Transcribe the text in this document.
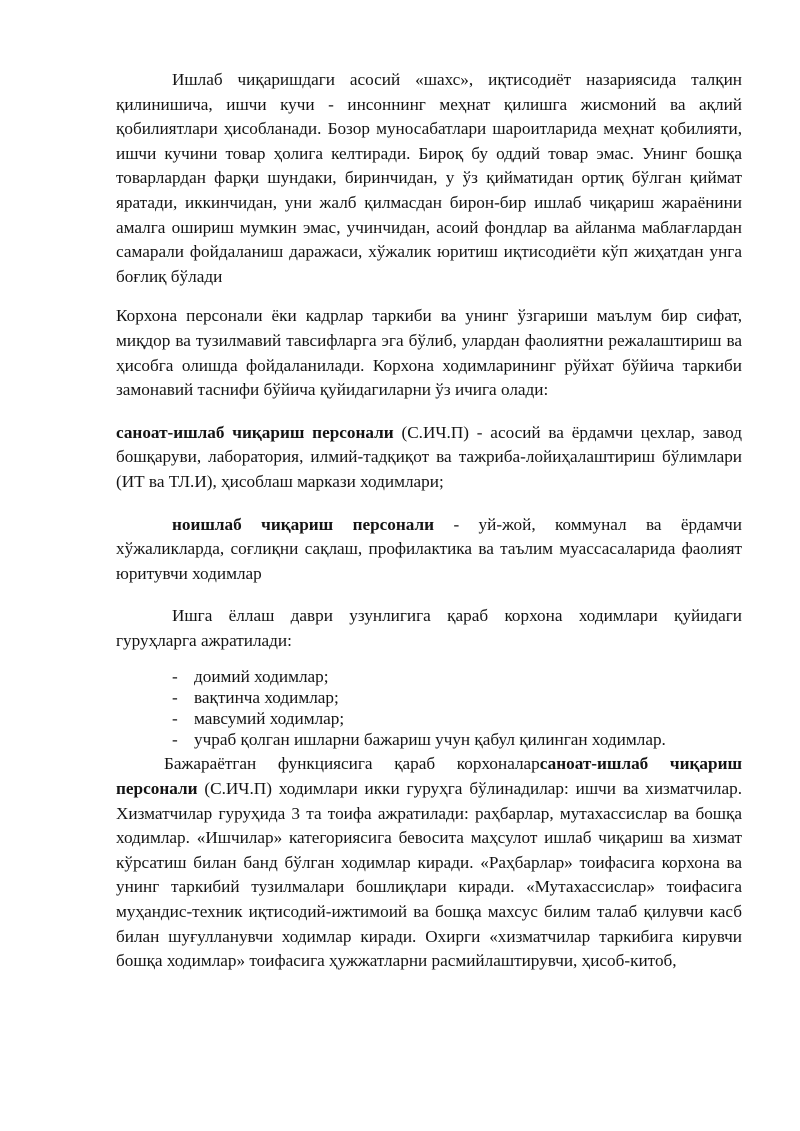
Ишлаб чиқаришдаги асосий «шахс», иқтисодиёт назариясида талқин қилинишича, ишчи кучи - инсоннинг меҳнат қилишга жисмоний ва ақлий қобилиятлари ҳисобланади. Бозор муносабатлари шароитларида меҳнат қобилияти, ишчи кучини товар ҳолига келтиради. Бироқ бу оддий товар эмас. Унинг бошқа товарлардан фарқи шундаки, биринчидан, у ўз қийматидан ортиқ бўлган қиймат яратади, иккинчидан, уни жалб қилмасдан бирон-бир ишлаб чиқариш жараёнини амалга ошириш мумкин эмас, учинчидан, асоий фондлар ва айланма маблағлардан самарали фойдаланиш даражаси, хўжалик юритиш иқтисодиёти кўп жиҳатдан унга боғлиқ бўлади

Корхона персонали ёки кадрлар таркиби ва унинг ўзгариши маълум бир сифат, миқдор ва тузилмавий тавсифларга эга бўлиб, улардан фаолиятни режалаштириш ва ҳисобга олишда фойдаланилади. Корхона ходимларининг рўйхат бўйича таркиби замонавий таснифи бўйича қуйидагиларни ўз ичига олади:

саноат-ишлаб чиқариш персонали (С.ИЧ.П) - асосий ва ёрдамчи цехлар, завод бошқаруви, лаборатория, илмий-тадқиқот ва тажриба-лойиҳалаштириш бўлимлари (ИТ ва ТЛ.И), ҳисоблаш маркази ходимлари;

ноишлаб чиқариш персонали - уй-жой, коммунал ва ёрдамчи хўжаликларда, соғлиқни сақлаш, профилактика ва таълим муассасаларида фаолият юритувчи ходимлар

Ишга ёллаш даври узунлигига қараб корхона ходимлари қуйидаги гуруҳларга ажратилади:

- доимий ходимлар;
- вақтинча ходимлар;
- мавсумий ходимлар;
- учраб қолган ишларни бажариш учун қабул қилинган ходимлар.

Бажараётган функциясига қараб корхоналарсаноат-ишлаб чиқариш персонали (С.ИЧ.П) ходимлари икки гуруҳга бўлинадилар: ишчи ва хизматчилар. Хизматчилар гуруҳида 3 та тоифа ажратилади: раҳбарлар, мутахассислар ва бошқа ходимлар. «Ишчилар» категориясига бевосита маҳсулот ишлаб чиқариш ва хизмат кўрсатиш билан банд бўлган ходимлар киради. «Раҳбарлар» тоифасига корхона ва унинг таркибий тузилмалари бошлиқлари киради. «Мутахассислар» тоифасига муҳандис-техник иқтисодий-ижтимоий ва бошқа махсус билим талаб қилувчи касб билан шуғулланувчи ходимлар киради. Охирги «хизматчилар таркибига кирувчи бошқа ходимлар» тоифасига ҳужжатларни расмийлаштирувчи, ҳисоб-китоб,
